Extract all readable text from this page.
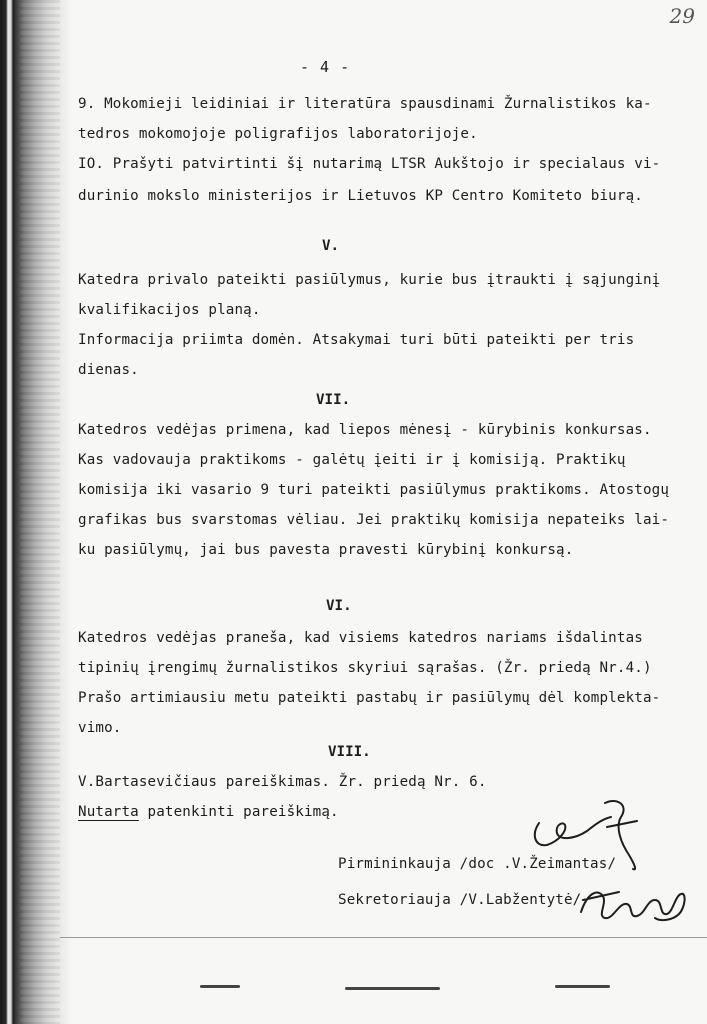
29
- 4 -
9. Mokomieji leidiniai ir literatūra spausdinami Žurnalistikos ka-
tedros mokomojoje poligrafijos laboratorijoje.
IO. Prašyti patvirtinti šį nutarimą LTSR Aukštojo ir specialaus vi-
durinio mokslo ministerijos ir Lietuvos KP Centro Komiteto biurą.
V.
Katedra privalo pateikti pasiūlymus, kurie bus įtraukti į sąjunginį
kvalifikacijos planą.
Informacija priimta domėn. Atsakymai turi būti pateikti per tris
dienas.
VII.
Katedros vedėjas primena, kad liepos mėnesį - kūrybinis konkursas.
Kas vadovauja praktikoms - galėtų įeiti ir į komisiją. Praktikų
komisija iki vasario 9 turi pateikti pasiūlymus praktikoms. Atostogų
grafikas bus svarstomas vėliau. Jei praktikų komisija nepateiks lai-
ku pasiūlymų, jai bus pavesta pravesti kūrybinį konkursą.
VI.
Katedros vedėjas praneša, kad visiems katedros nariams išdalintas
tipinių įrengimų žurnalistikos skyriui sąrašas. (Žr. priedą Nr.4.)
Prašo artimiausiu metu pateikti pastabų ir pasiūlymų dėl komplekta-
vimo.
VIII.
V.Bartasevičiaus pareiškimas. Žr. priedą Nr. 6.
Nutarta patenkinti pareiškimą.
Pirmininkauja /doc .V.Žeimantas/
Sekretoriauja /V.Labžentytė/
